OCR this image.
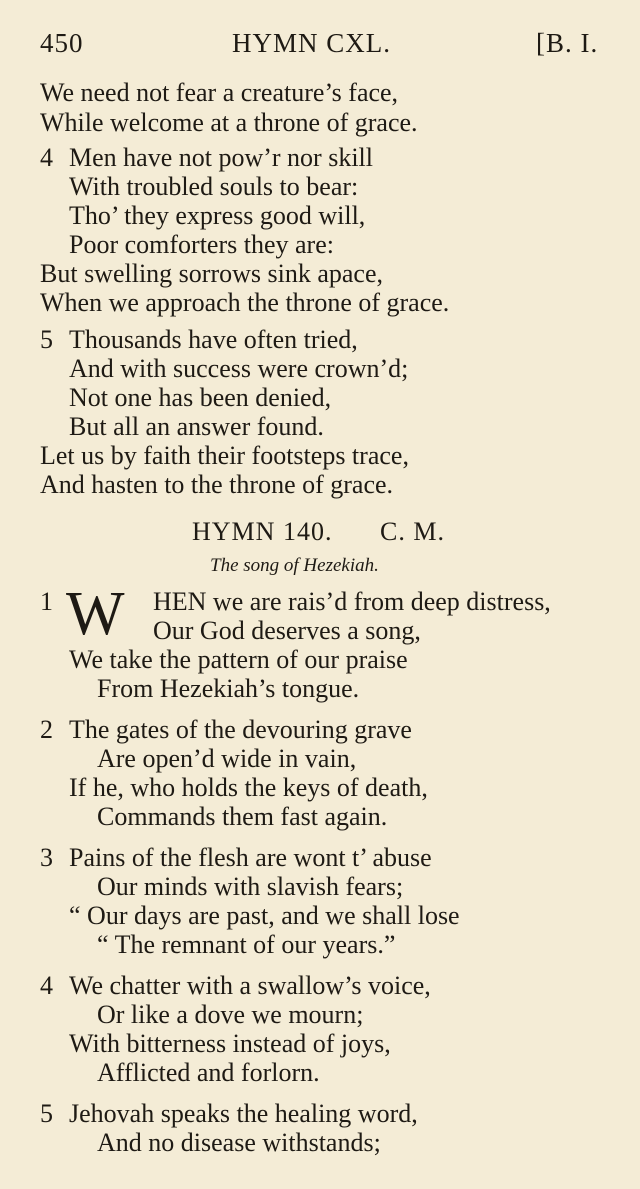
450	HYMN CXL.	[B. I.
We need not fear a creature’s face,
While welcome at a throne of grace.
4 Men have not pow’r nor skill
With troubled souls to bear:
Tho’ they express good will,
Poor comforters they are:
But swelling sorrows sink apace,
When we approach the throne of grace.
5 Thousands have often tried,
And with success were crown’d;
Not one has been denied,
But all an answer found.
Let us by faith their footsteps trace,
And hasten to the throne of grace.
HYMN 140. C. M.
The song of Hezekiah.
1 W HEN we are rais’d from deep distress,
Our God deserves a song,
We take the pattern of our praise
From Hezekiah’s tongue.
2 The gates of the devouring grave
Are open’d wide in vain,
If he, who holds the keys of death,
Commands them fast again.
3 Pains of the flesh are wont t’ abuse
Our minds with slavish fears;
“ Our days are past, and we shall lose
“ The remnant of our years.”
4 We chatter with a swallow’s voice,
Or like a dove we mourn;
With bitterness instead of joys,
Afflicted and forlorn.
5 Jehovah speaks the healing word,
And no disease withstands;
